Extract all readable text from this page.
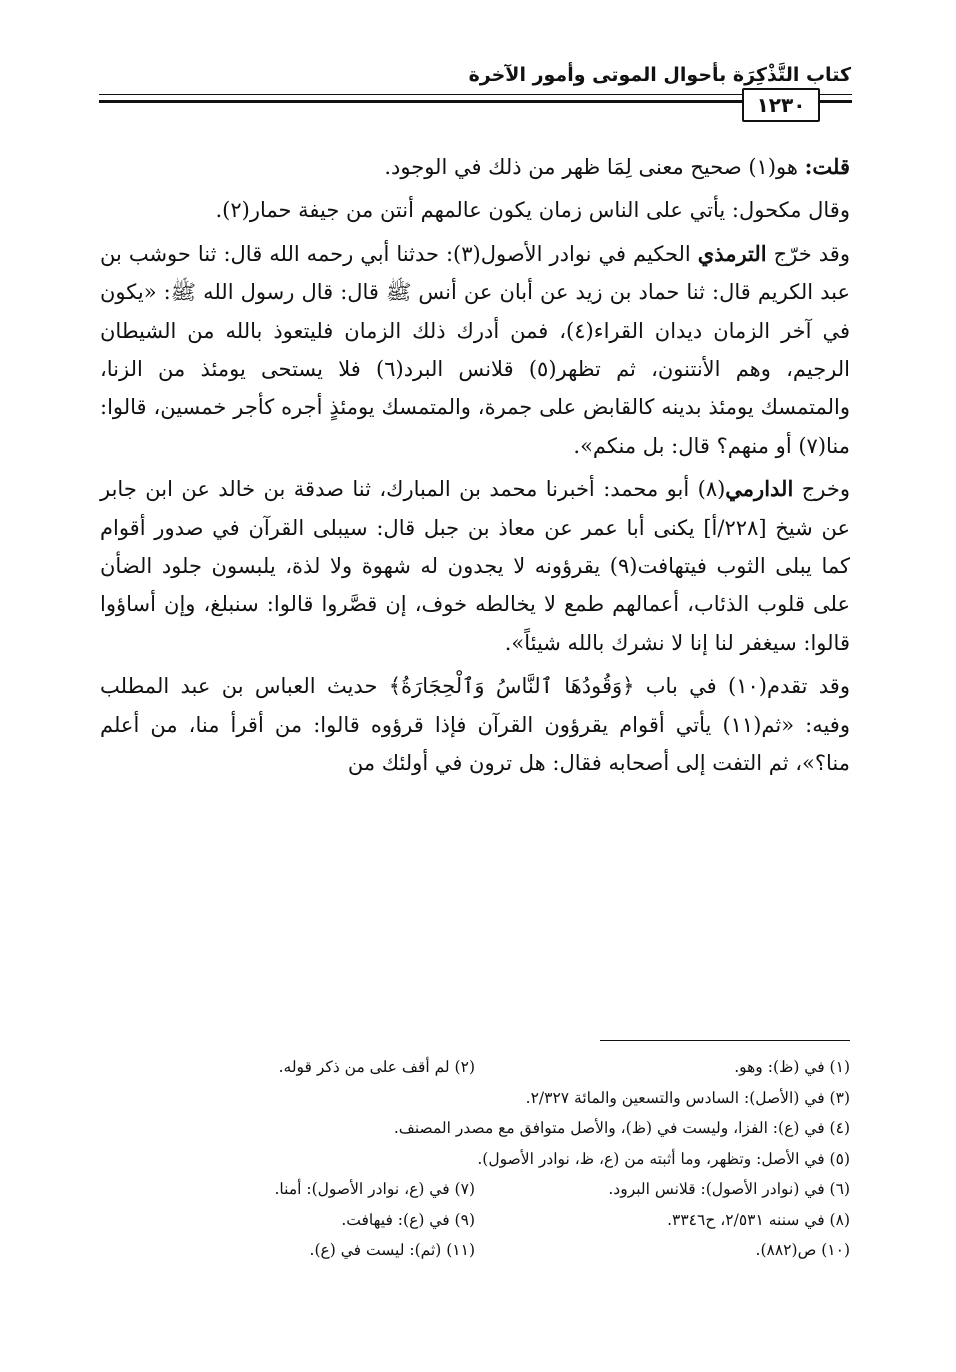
كتاب التَّذْكِرَة بأحوال الموتى وأمور الآخرة
١٢٣٠

قلت: هو(١) صحيح معنى لِمَا ظهر من ذلك في الوجود.

وقال مكحول: يأتي على الناس زمان يكون عالمهم أنتن من جيفة حمار(٢).

وقد خرّج الترمذي الحكيم في نوادر الأصول(٣): حدثنا أبي رحمه الله قال: ثنا حوشب بن عبد الكريم قال: ثنا حماد بن زيد عن أبان عن أنس ﷺ قال: قال رسول الله ﷺ: «يكون في آخر الزمان ديدان القراء(٤)، فمن أدرك ذلك الزمان فليتعوذ بالله من الشيطان الرجيم، وهم الأنتنون، ثم تظهر(٥) قلانس البرد(٦) فلا يستحى يومئذ من الزنا، والمتمسك يومئذ بدينه كالقابض على جمرة، والمتمسك يومئذٍ أجره كأجر خمسين، قالوا: منا(٧) أو منهم؟ قال: بل منكم».

وخرج الدارمي(٨) أبو محمد: أخبرنا محمد بن المبارك، ثنا صدقة بن خالد عن ابن جابر عن شيخ [٢٢٨/أ] يكنى أبا عمر عن معاذ بن جبل قال: سيبلى القرآن في صدور أقوام كما يبلى الثوب فيتهافت(٩) يقرؤونه لا يجدون له شهوة ولا لذة، يلبسون جلود الضأن على قلوب الذئاب، أعمالهم طمع لا يخالطه خوف، إن قصَّروا قالوا: سنبلغ، وإن أساؤوا قالوا: سيغفر لنا إنا لا نشرك بالله شيئاً».

وقد تقدم(١٠) في باب ﴿وَقُودُهَا ٱلنَّاسُ وَٱلْحِجَارَةُ﴾ حديث العباس بن عبد المطلب وفيه: «ثم(١١) يأتي أقوام يقرؤون القرآن فإذا قرؤوه قالوا: من أقرأ منا، من أعلم منا؟»، ثم التفت إلى أصحابه فقال: هل ترون في أولئك من

(١) في (ظ): وهو.
(٢) لم أقف على من ذكر قوله.
(٣) في (الأصل): السادس والتسعين والمائة ٢/٣٢٧.
(٤) في (ع): الفزا، وليست في (ظ)، والأصل متوافق مع مصدر المصنف.
(٥) في الأصل: وتظهر، وما أثبته من (ع، ظ، نوادر الأصول).
(٦) في (نوادر الأصول): قلانس البرود.
(٧) في (ع، نوادر الأصول): أمنا.
(٨) في سننه ٢/٥٣١، ح٣٣٤٦.
(٩) في (ع): فيهافت.
(١٠) ص(٨٨٢).
(١١) (ثم): ليست في (ع).
